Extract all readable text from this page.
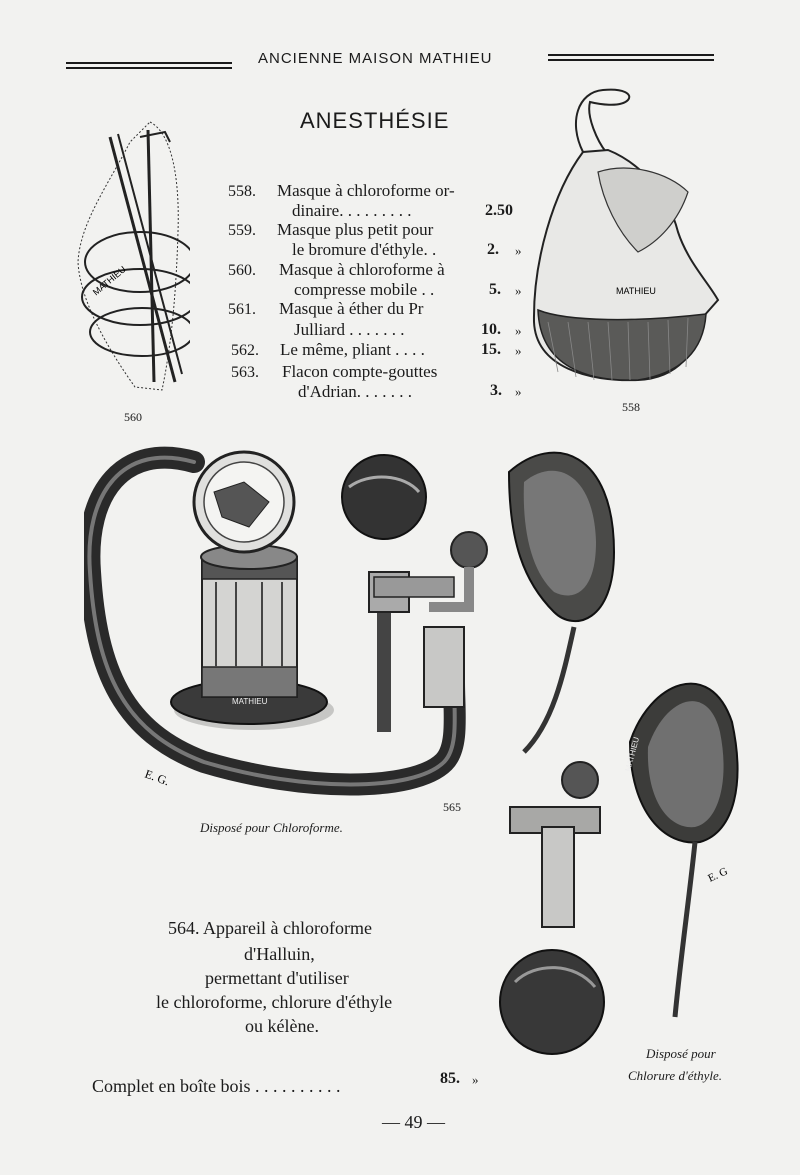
ANCIENNE MAISON MATHIEU
ANESTHÉSIE
MATHIEU
560
558. Masque à chloroforme or-
dinaire. . . . . . . . .	2.50
559. Masque plus petit pour
le bromure d'éthyle. .	2. »
560. Masque à chloroforme à
compresse mobile . .	5. »
561. Masque à éther du Pr
Julliard . . . . . . .	10. »
562. Le même, pliant . . . .	15. »
563. Flacon compte-gouttes
d'Adrian. . . . . . .	3. »
MATHIEU
558
MATHIEU
E. G.
565
Disposé pour Chloroforme.
MATHIEU
E. G
Disposé pour
Chlorure d'éthyle.
564. Appareil à chloroforme
d'Halluin,
permettant d'utiliser
le chloroforme, chlorure d'éthyle
ou kélène.
Complet en boîte bois . . . . . . . . . .	85. »
— 49 —
